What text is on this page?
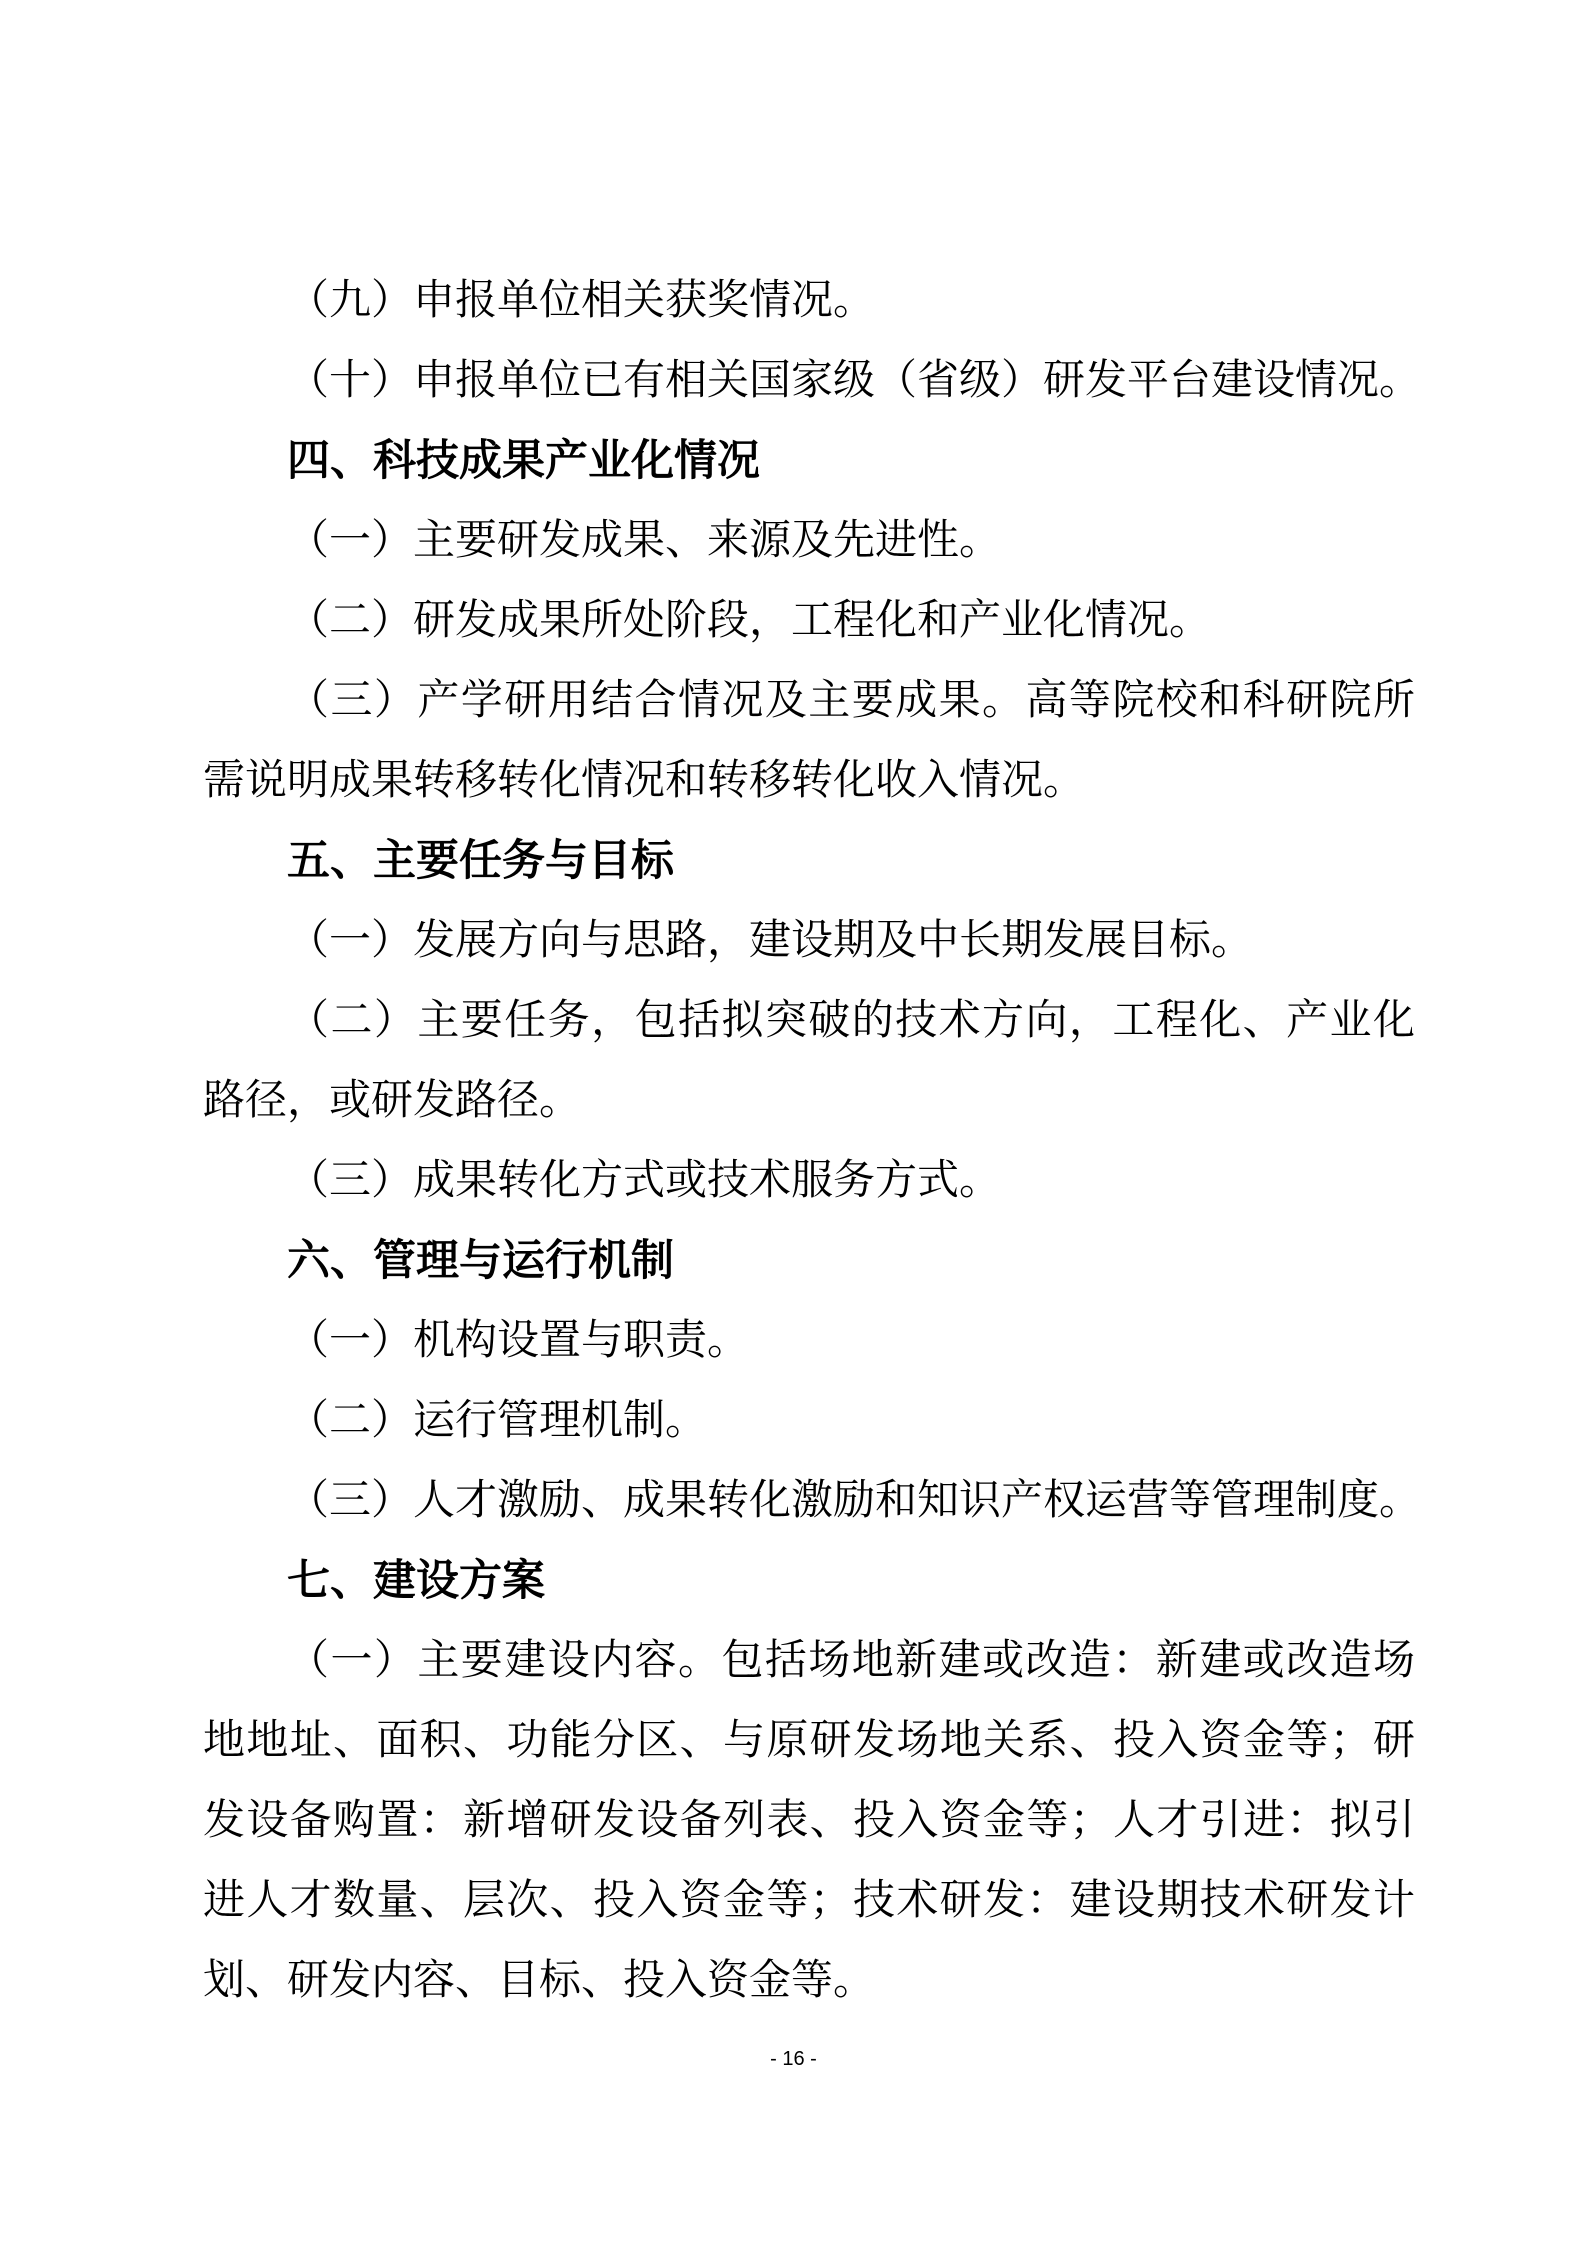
（九）申报单位相关获奖情况。
（十）申报单位已有相关国家级（省级）研发平台建设情况。
四、科技成果产业化情况
（一）主要研发成果、来源及先进性。
（二）研发成果所处阶段，工程化和产业化情况。
（三）产学研用结合情况及主要成果。高等院校和科研院所
需说明成果转移转化情况和转移转化收入情况。
五、主要任务与目标
（一）发展方向与思路，建设期及中长期发展目标。
（二）主要任务，包括拟突破的技术方向，工程化、产业化
路径，或研发路径。
（三）成果转化方式或技术服务方式。
六、管理与运行机制
（一）机构设置与职责。
（二）运行管理机制。
（三）人才激励、成果转化激励和知识产权运营等管理制度。
七、建设方案
（一）主要建设内容。包括场地新建或改造：新建或改造场
地地址、面积、功能分区、与原研发场地关系、投入资金等；研
发设备购置：新增研发设备列表、投入资金等；人才引进：拟引
进人才数量、层次、投入资金等；技术研发：建设期技术研发计
划、研发内容、目标、投入资金等。
- 16 -
